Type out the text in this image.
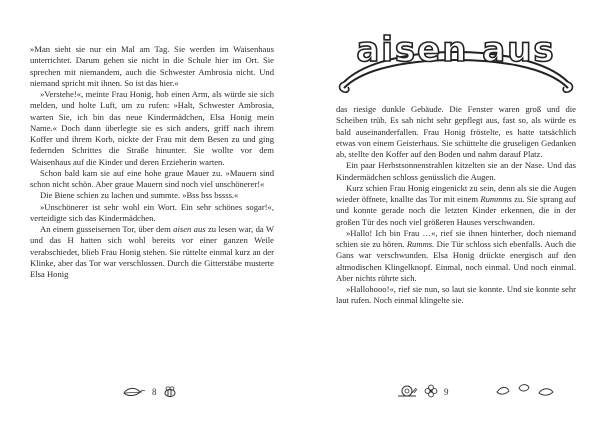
»Man sieht sie nur ein Mal am Tag. Sie werden im Waisenhaus unterrichtet. Darum gehen sie nicht in die Schule hier im Ort. Sie sprechen mit niemandem, auch die Schwester Ambrosia nicht. Und niemand spricht mit ihnen. So ist das hier.«

»Verstehe!«, meinte Frau Honig, hob einen Arm, als würde sie sich melden, und holte Luft, um zu rufen: »Halt, Schwester Ambrosia, warten Sie, ich bin das neue Kindermädchen, Elsa Honig mein Name.« Doch dann überlegte sie es sich anders, griff nach ihrem Koffer und ihrem Korb, nickte der Frau mit dem Besen zu und ging federnden Schrittes die Straße hinunter. Sie wollte vor dem Waisenhaus auf die Kinder und deren Erzieherin warten.

Schon bald kam sie auf eine hohe graue Mauer zu. »Mauern sind schon nicht schön. Aber graue Mauern sind noch viel unschönerer!«

Die Biene schien zu lachen und summte. »Bss bss bssss.«

»Unschönerer ist sehr wohl ein Wort. Ein sehr schönes sogar!«, verteidigte sich das Kindermädchen.

An einem gusseisernen Tor, über dem aisen aus zu lesen war, da W und das H hatten sich wohl bereits vor einer ganzen Weile verabschiedet, blieb Frau Honig stehen. Sie rüttelte einmal kurz an der Klinke, aber das Tor war verschlossen. Durch die Gitterstäbe musterte Elsa Honig

8
aisen aus

das riesige dunkle Gebäude. Die Fenster waren groß und die Scheiben trüb. Es sah nicht sehr gepflegt aus, fast so, als würde es bald auseinanderfallen. Frau Honig fröstelte, es hatte tatsächlich etwas von einem Geisterhaus. Sie schüttelte die gruseligen Gedanken ab, stellte den Koffer auf den Boden und nahm darauf Platz.

Ein paar Herbstsonnenstrahlen kitzelten sie an der Nase. Und das Kindermädchen schloss genüsslich die Augen.

Kurz schien Frau Honig eingenickt zu sein, denn als sie die Augen wieder öffnete, knallte das Tor mit einem Rummms zu. Sie sprang auf und konnte gerade noch die letzten Kinder erkennen, die in der großen Tür des noch viel größeren Hauses verschwanden.

»Hallo! Ich bin Frau …«, rief sie ihnen hinterher, doch niemand schien sie zu hören. Rumms. Die Tür schloss sich ebenfalls. Auch die Gans war verschwunden. Elsa Honig drückte energisch auf den altmodischen Klingelknopf. Einmal, noch einmal. Und noch einmal. Aber nichts rührte sich.

»Hallohooo!«, rief sie nun, so laut sie konnte. Und sie konnte sehr laut rufen. Noch einmal klingelte sie.

9
